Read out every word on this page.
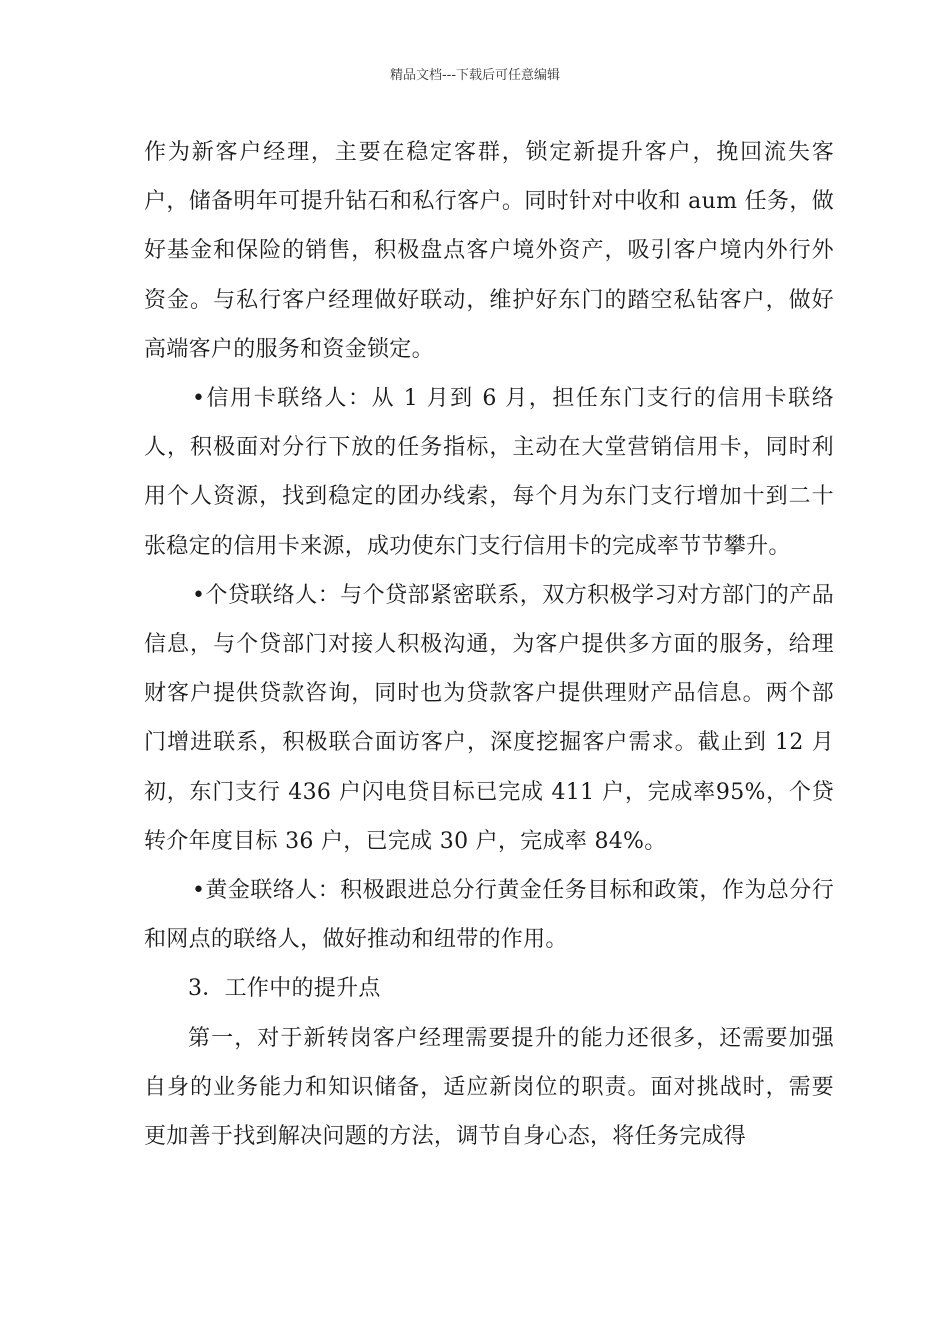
精品文档---下载后可任意编辑

作为新客户经理，主要在稳定客群，锁定新提升客户，挽回流失客户，储备明年可提升钻石和私行客户。同时针对中收和 aum 任务，做好基金和保险的销售，积极盘点客户境外资产，吸引客户境内外行外资金。与私行客户经理做好联动，维护好东门的踏空私钻客户，做好高端客户的服务和资金锁定。

•信用卡联络人：从 1 月到 6 月，担任东门支行的信用卡联络人，积极面对分行下放的任务指标，主动在大堂营销信用卡，同时利用个人资源，找到稳定的团办线索，每个月为东门支行增加十到二十张稳定的信用卡来源，成功使东门支行信用卡的完成率节节攀升。

•个贷联络人：与个贷部紧密联系，双方积极学习对方部门的产品信息，与个贷部门对接人积极沟通，为客户提供多方面的服务，给理财客户提供贷款咨询，同时也为贷款客户提供理财产品信息。两个部门增进联系，积极联合面访客户，深度挖掘客户需求。截止到 12 月初，东门支行 436 户闪电贷目标已完成 411 户，完成率95%，个贷转介年度目标 36 户，已完成 30 户，完成率 84%。

•黄金联络人：积极跟进总分行黄金任务目标和政策，作为总分行和网点的联络人，做好推动和纽带的作用。

3．工作中的提升点

第一，对于新转岗客户经理需要提升的能力还很多，还需要加强自身的业务能力和知识储备，适应新岗位的职责。面对挑战时，需要更加善于找到解决问题的方法，调节自身心态，将任务完成得
